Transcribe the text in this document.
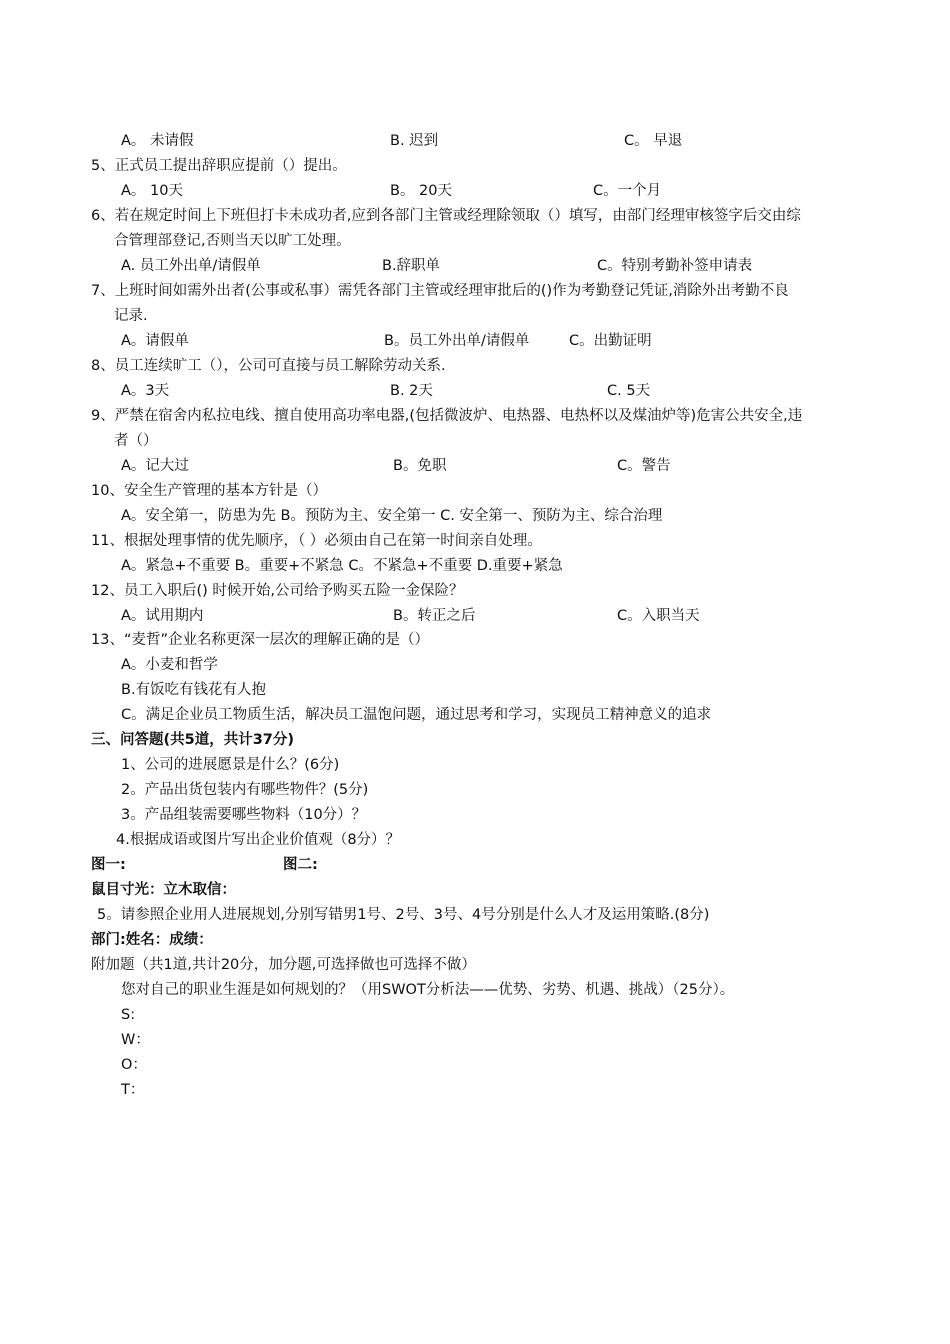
A。 未请假	B. 迟到	C。 早退
5、正式员工提出辞职应提前（）提出。
A。 10天	B。 20天	C。一个月
6、若在规定时间上下班但打卡未成功者,应到各部门主管或经理除领取（）填写，由部门经理审核签字后交由综
合管理部登记,否则当天以旷工处理。
A. 员工外出单/请假单	B.辞职单	C。特别考勤补签申请表
7、上班时间如需外出者(公事或私事）需凭各部门主管或经理审批后的()作为考勤登记凭证,消除外出考勤不良
记录.
A。请假单	B。员工外出单/请假单	C。出勤证明
8、员工连续旷工（），公司可直接与员工解除劳动关系.
A。3天	B. 2天	C. 5天
9、严禁在宿舍内私拉电线、擅自使用高功率电器,(包括微波炉、电热器、电热杯以及煤油炉等)危害公共安全,违
者（）
A。记大过	B。免职	C。警告
10、安全生产管理的基本方针是（）
A。安全第一，防患为先 B。预防为主、安全第一 C. 安全第一、预防为主、综合治理
11、根据处理事情的优先顺序，（ ）必须由自己在第一时间亲自处理。
A。紧急+不重要 B。重要+不紧急 C。不紧急+不重要 D.重要+紧急
12、员工入职后() 时候开始,公司给予购买五险一金保险？
A。试用期内	B。转正之后	C。入职当天
13、“麦哲”企业名称更深一层次的理解正确的是（）
A。小麦和哲学
B.有饭吃有钱花有人抱
C。满足企业员工物质生活，解决员工温饱问题，通过思考和学习，实现员工精神意义的追求
三、问答题(共5道，共计37分)
1、公司的进展愿景是什么？(6分)
2。产品出货包装内有哪些物件？(5分)
3。产品组装需要哪些物料（10分）？
4.根据成语或图片写出企业价值观（8分）？
图一:	图二:
鼠目寸光：立木取信：
5。请参照企业用人进展规划,分别写错男1号、2号、3号、4号分别是什么人才及运用策略.(8分)
部门:姓名：成绩：
附加题（共1道,共计20分，加分题,可选择做也可选择不做）
您对自己的职业生涯是如何规划的？（用SWOT分析法——优势、劣势、机遇、挑战）（25分）。
S:
W：
O：
T：
